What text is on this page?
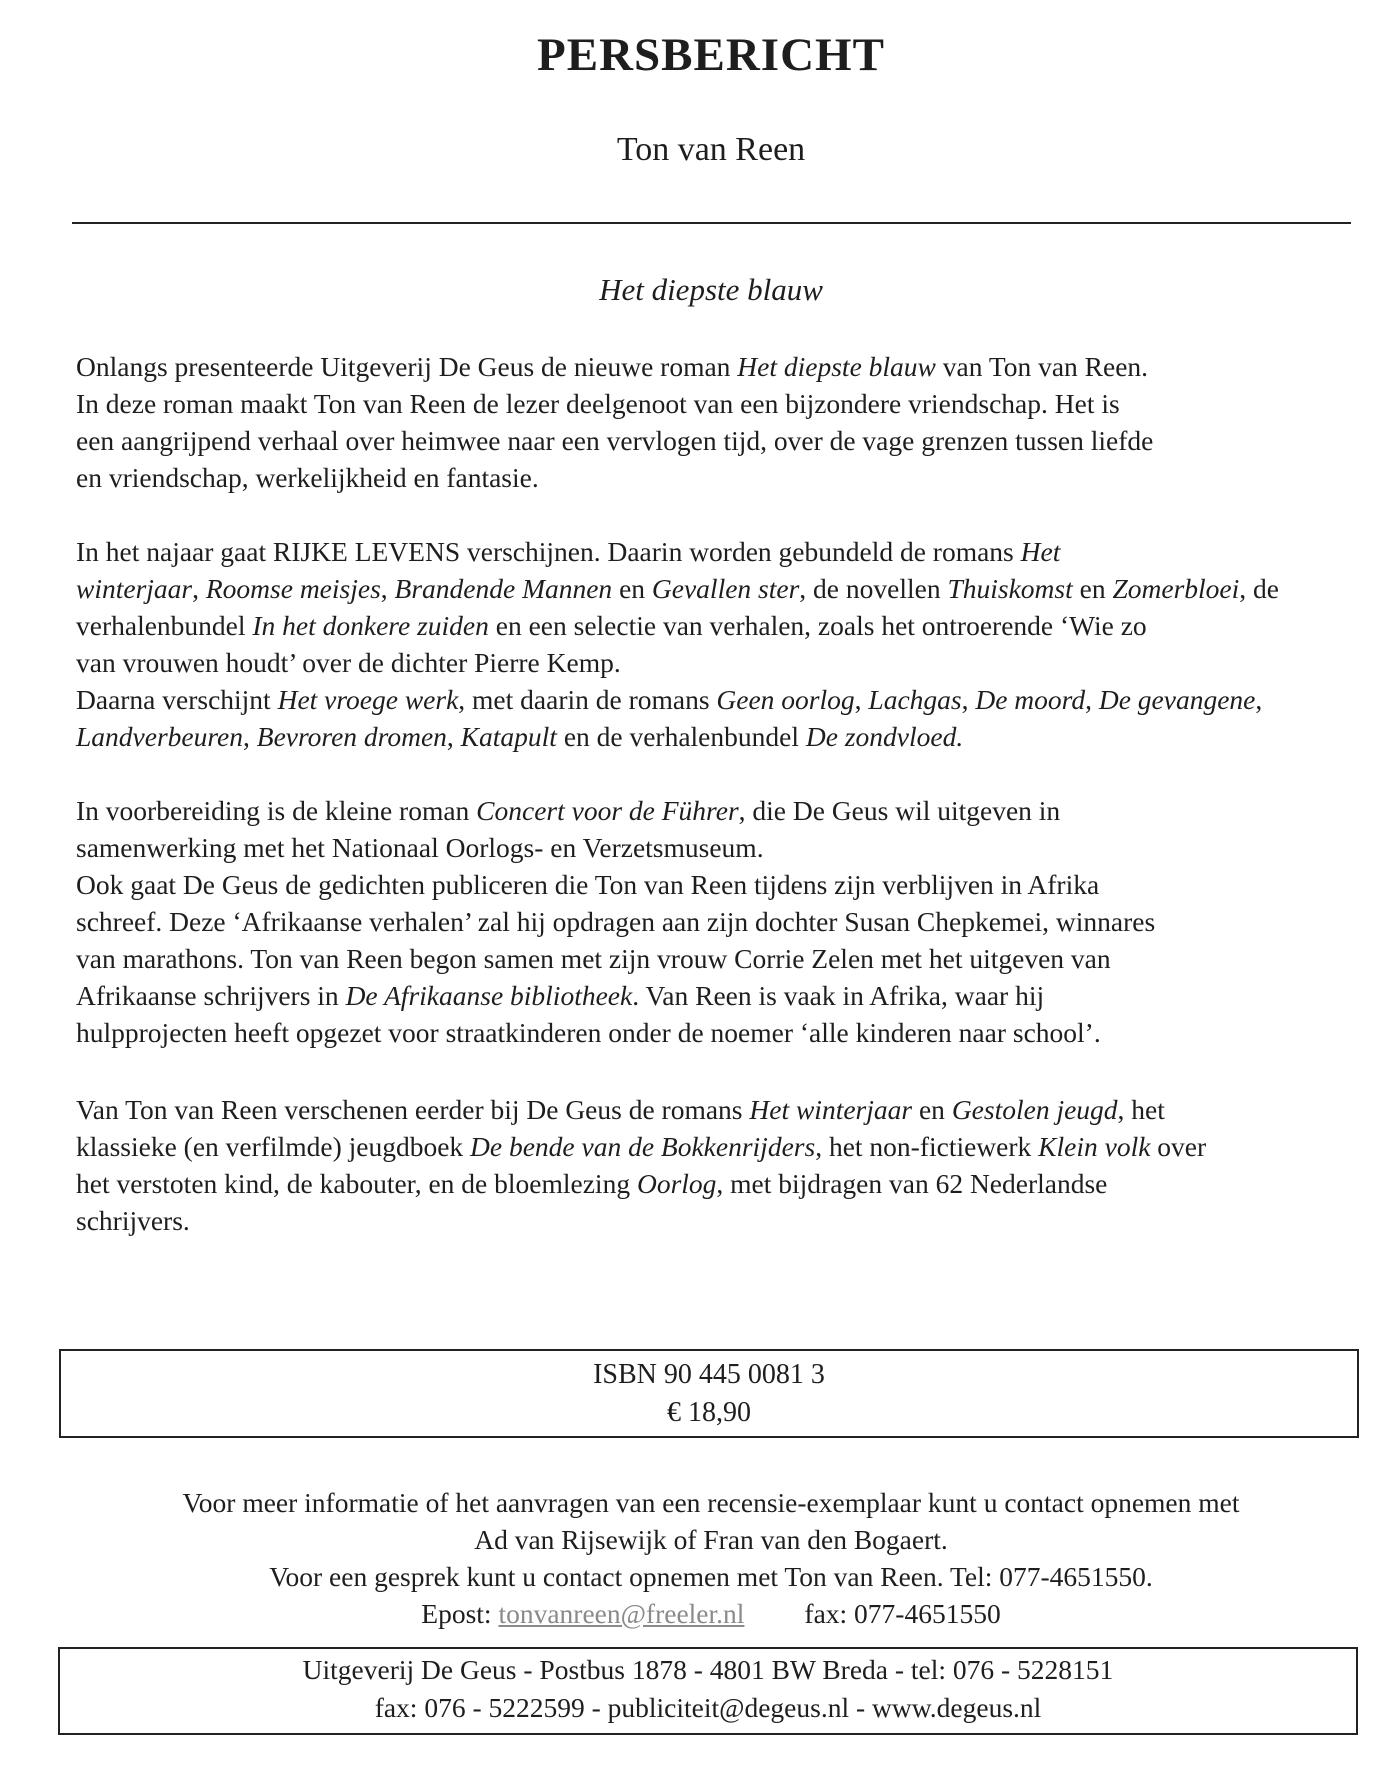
PERSBERICHT
Ton van Reen
Het diepste blauw
Onlangs presenteerde Uitgeverij De Geus de nieuwe roman Het diepste blauw van Ton van Reen.
In deze roman maakt Ton van Reen de lezer deelgenoot van een bijzondere vriendschap. Het is
een aangrijpend verhaal over heimwee naar een vervlogen tijd, over de vage grenzen tussen liefde
en vriendschap, werkelijkheid en fantasie.
In het najaar gaat RIJKE LEVENS verschijnen. Daarin worden gebundeld de romans Het
winterjaar, Roomse meisjes, Brandende Mannen en Gevallen ster, de novellen Thuiskomst en Zomerbloei, de
verhalenbundel In het donkere zuiden en een selectie van verhalen, zoals het ontroerende ‘Wie zo
van vrouwen houdt’ over de dichter Pierre Kemp.
Daarna verschijnt Het vroege werk, met daarin de romans Geen oorlog, Lachgas, De moord, De gevangene,
Landverbeuren, Bevroren dromen, Katapult en de verhalenbundel De zondvloed.
In voorbereiding is de kleine roman Concert voor de Führer, die De Geus wil uitgeven in
samenwerking met het Nationaal Oorlogs- en Verzetsmuseum.
Ook gaat De Geus de gedichten publiceren die Ton van Reen tijdens zijn verblijven in Afrika
schreef. Deze ‘Afrikaanse verhalen’ zal hij opdragen aan zijn dochter Susan Chepkemei, winnares
van marathons. Ton van Reen begon samen met zijn vrouw Corrie Zelen met het uitgeven van
Afrikaanse schrijvers in De Afrikaanse bibliotheek. Van Reen is vaak in Afrika, waar hij
hulpprojecten heeft opgezet voor straatkinderen onder de noemer ‘alle kinderen naar school’.
Van Ton van Reen verschenen eerder bij De Geus de romans Het winterjaar en Gestolen jeugd, het
klassieke (en verfilmde) jeugdboek De bende van de Bokkenrijders, het non-fictiewerk Klein volk over
het verstoten kind, de kabouter, en de bloemlezing Oorlog, met bijdragen van 62 Nederlandse
schrijvers.
ISBN 90 445 0081 3
€ 18,90
Voor meer informatie of het aanvragen van een recensie-exemplaar kunt u contact opnemen met
Ad van Rijsewijk of Fran van den Bogaert.
Voor een gesprek kunt u contact opnemen met Ton van Reen. Tel: 077-4651550.
Epost: tonvanreen@freeler.nl fax: 077-4651550
Uitgeverij De Geus - Postbus 1878 - 4801 BW Breda - tel: 076 - 5228151
fax: 076 - 5222599 - publiciteit@degeus.nl - www.degeus.nl
